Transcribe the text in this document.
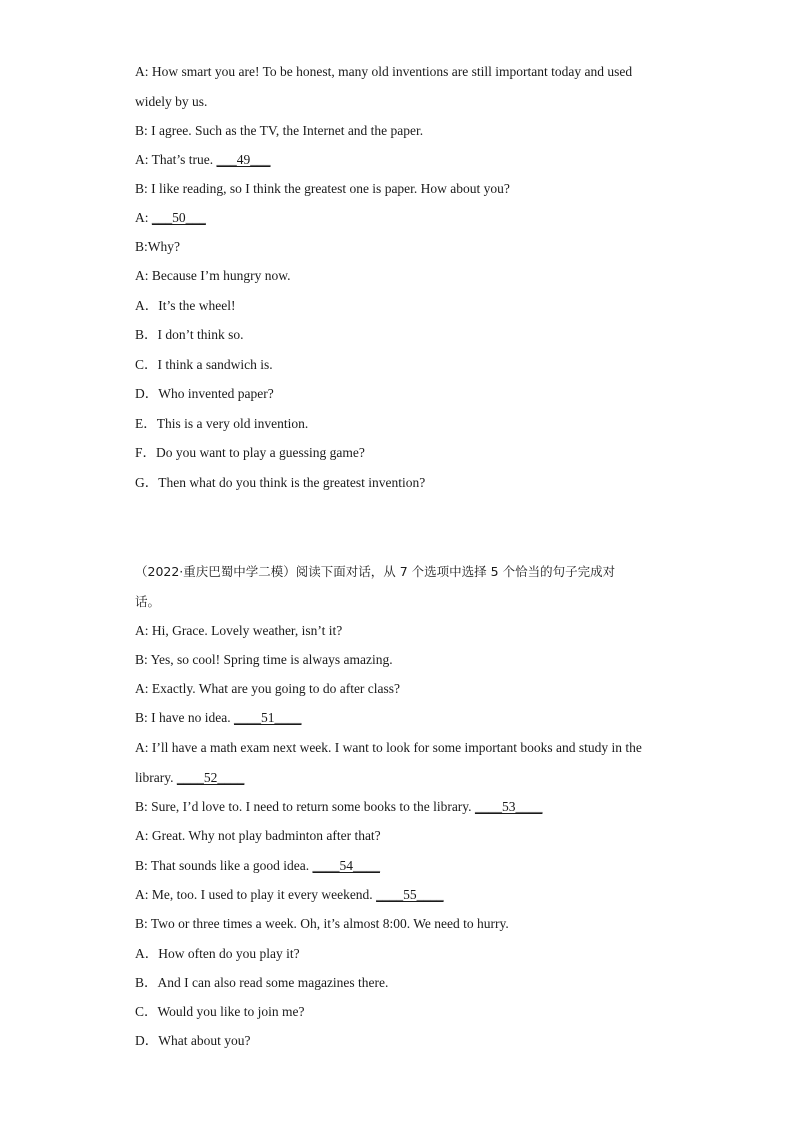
A: How smart you are! To be honest, many old inventions are still important today and used
widely by us.
B: I agree. Such as the TV, the Internet and the paper.
A: That’s true. ___49___
B: I like reading, so I think the greatest one is paper. How about you?
A: ___50___
B:Why?
A: Because I’m hungry now.
A．It’s the wheel!
B．I don’t think so.
C．I think a sandwich is.
D．Who invented paper?
E．This is a very old invention.
F．Do you want to play a guessing game?
G．Then what do you think is the greatest invention?
（2022·重庆巴蜀中学二模）阅读下面对话，从 7 个选项中选择 5 个恰当的句子完成对
话。
A: Hi, Grace. Lovely weather, isn’t it?
B: Yes, so cool! Spring time is always amazing.
A: Exactly. What are you going to do after class?
B: I have no idea. ____51____
A: I’ll have a math exam next week. I want to look for some important books and study in the
library. ____52____
B: Sure, I’d love to. I need to return some books to the library. ____53____
A: Great. Why not play badminton after that?
B: That sounds like a good idea. ____54____
A: Me, too. I used to play it every weekend. ____55____
B: Two or three times a week. Oh, it’s almost 8:00. We need to hurry.
A．How often do you play it?
B．And I can also read some magazines there.
C．Would you like to join me?
D．What about you?
